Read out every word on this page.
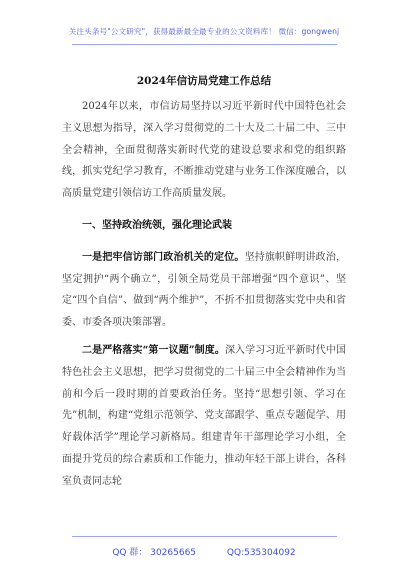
关注头条号"公文研究"，获得最新最全最专业的公文资料库！ 微信：gongwenj
2024年信访局党建工作总结

2024年以来，市信访局坚持以习近平新时代中国特色社会主义思想为指导，深入学习贯彻党的二十大及二十届二中、三中全会精神，全面贯彻落实新时代党的建设总要求和党的组织路线，抓实党纪学习教育，不断推动党建与业务工作深度融合，以高质量党建引领信访工作高质量发展。

一、坚持政治统领，强化理论武装

一是把牢信访部门政治机关的定位。坚持旗帜鲜明讲政治，坚定拥护“两个确立”，引领全局党员干部增强“四个意识”、坚定“四个自信”、做到“两个维护”，不折不扣贯彻落实党中央和省委、市委各项决策部署。

二是严格落实“第一议题”制度。深入学习习近平新时代中国特色社会主义思想，把学习贯彻党的二十届三中全会精神作为当前和今后一段时期的首要政治任务。坚持“思想引领、学习在先”机制，构建“党组示范领学、党支部跟学、重点专题促学、用好载体活学”理论学习新格局。组建青年干部理论学习小组，全面提升党员的综合素质和工作能力，推动年轻干部上讲台，各科室负责同志轮

QQ 群： 30265665	QQ:535304092
